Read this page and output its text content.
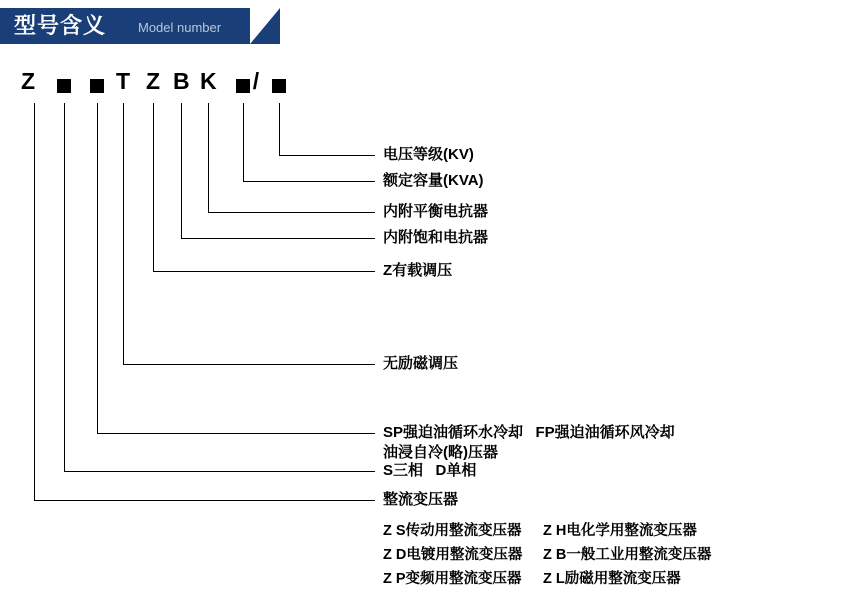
型号含义 Model number
Z	T Z B K /
电压等级(KV)
额定容量(KVA)
内附平衡电抗器
内附饱和电抗器
Z有载调压
无励磁调压
SP强迫油循环水冷却   FP强迫油循环风冷却
油浸自冷(略)压器
S三相   D单相
整流变压器
Z S传动用整流变压器 Z H电化学用整流变压器
Z D电镀用整流变压器 Z B一般工业用整流变压器
Z P变频用整流变压器 Z L励磁用整流变压器
